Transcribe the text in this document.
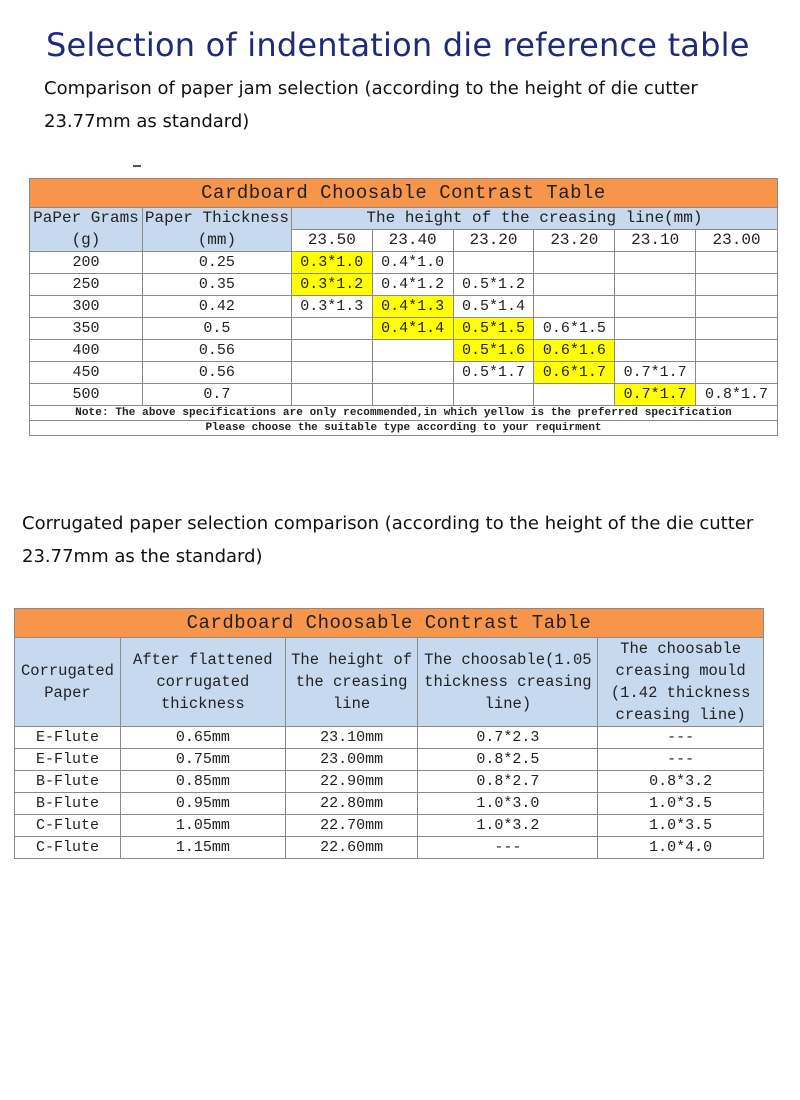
Selection of indentation die reference table
Comparison of paper jam selection (according to the height of die cutter 23.77mm as standard)
Cardboard Choosable Contrast Table							
PaPer Grams	Paper Thickness	The height of the creasing line(mm)					
(g)	(mm)	23.50	23.40	23.20	23.20	23.10	23.00
200	0.25	0.3*1.0	0.4*1.0				
250	0.35	0.3*1.2	0.4*1.2	0.5*1.2			
300	0.42	0.3*1.3	0.4*1.3	0.5*1.4			
350	0.5		0.4*1.4	0.5*1.5	0.6*1.5		
400	0.56			0.5*1.6	0.6*1.6		
450	0.56			0.5*1.7	0.6*1.7	0.7*1.7	
500	0.7					0.7*1.7	0.8*1.7
Note: The above specifications are only recommended,in which yellow is the preferred specification							
Please choose the suitable type according to your requirment							
Corrugated paper selection comparison (according to the height of the die cutter 23.77mm as the standard)
Cardboard Choosable Contrast Table				
Corrugated Paper	After flattened corrugated thickness	The height of the creasing line	The choosable(1.05 thickness creasing line)	The choosable creasing mould (1.42 thickness creasing line)
E-Flute	0.65mm	23.10mm	0.7*2.3	---
E-Flute	0.75mm	23.00mm	0.8*2.5	---
B-Flute	0.85mm	22.90mm	0.8*2.7	0.8*3.2
B-Flute	0.95mm	22.80mm	1.0*3.0	1.0*3.5
C-Flute	1.05mm	22.70mm	1.0*3.2	1.0*3.5
C-Flute	1.15mm	22.60mm	---	1.0*4.0
